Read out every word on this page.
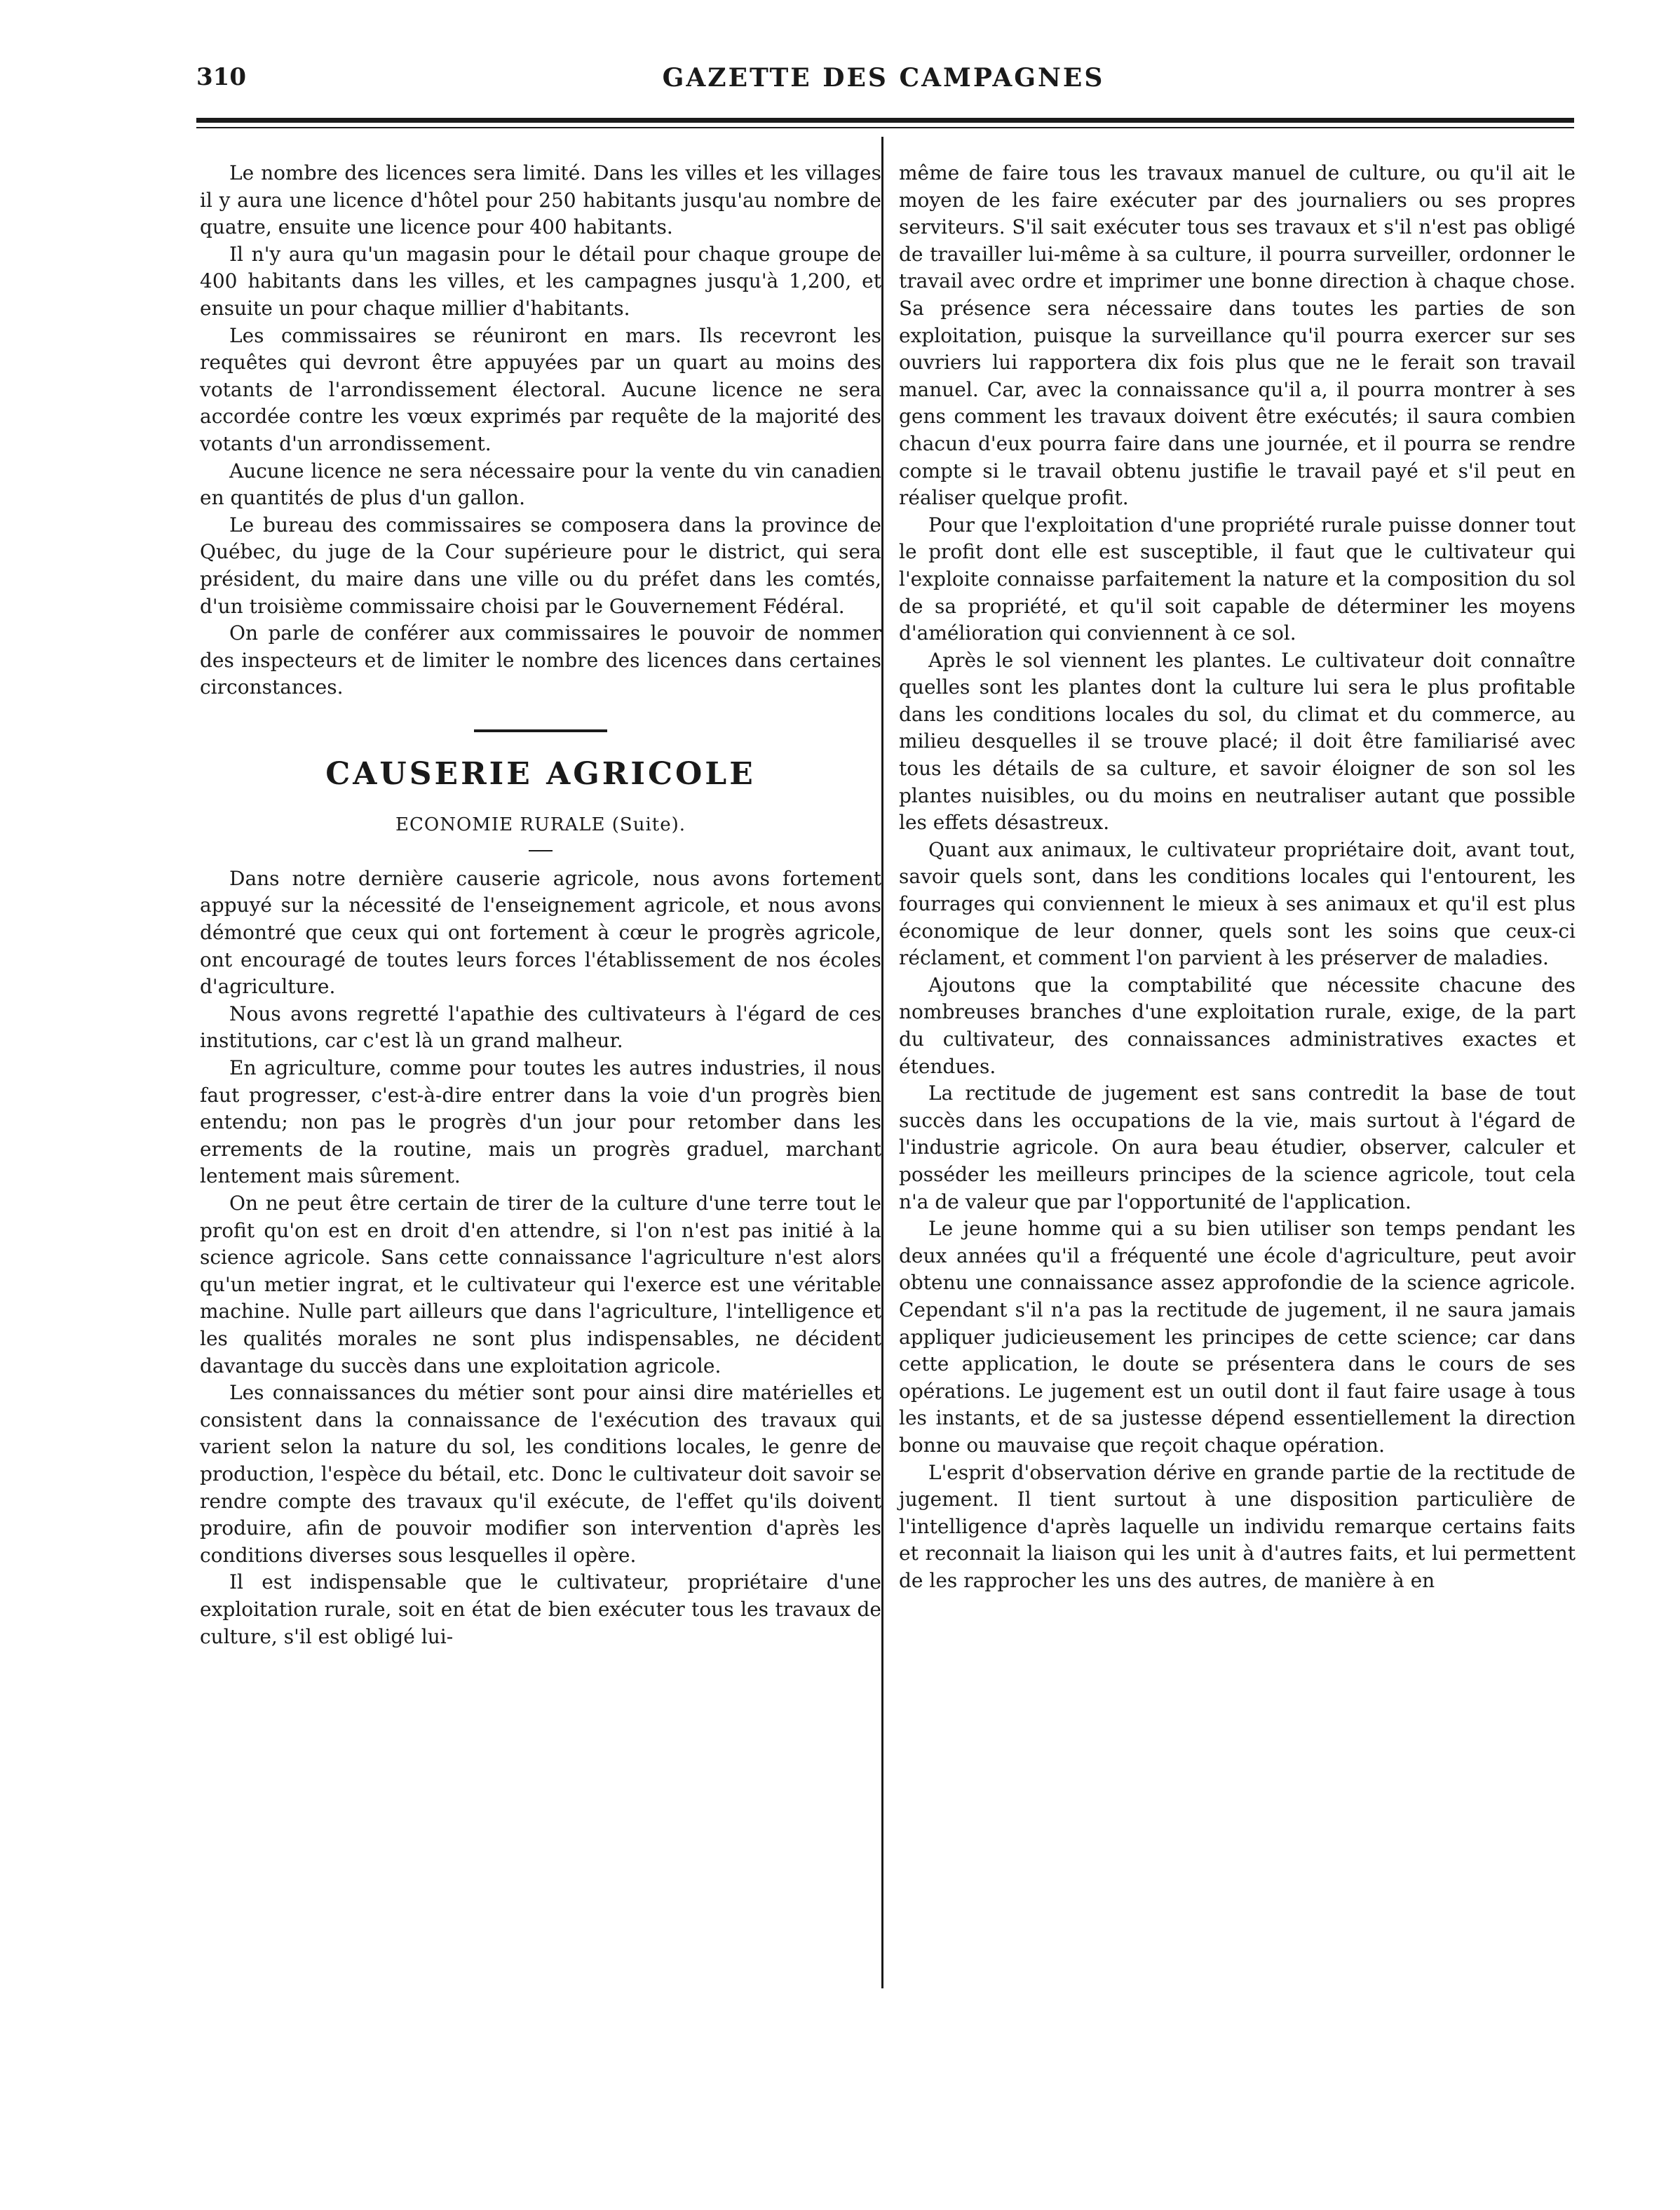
310	GAZETTE DES CAMPAGNES

Le nombre des licences sera limité. Dans les villes et les villages il y aura une licence d'hôtel pour 250 habitants jusqu'au nombre de quatre, ensuite une licence pour 400 habitants.

Il n'y aura qu'un magasin pour le détail pour chaque groupe de 400 habitants dans les villes, et les campagnes jusqu'à 1,200, et ensuite un pour chaque millier d'habitants.

Les commissaires se réuniront en mars. Ils recevront les requêtes qui devront être appuyées par un quart au moins des votants de l'arrondissement électoral. Aucune licence ne sera accordée contre les vœux exprimés par requête de la majorité des votants d'un arrondissement.

Aucune licence ne sera nécessaire pour la vente du vin canadien en quantités de plus d'un gallon.

Le bureau des commissaires se composera dans la province de Québec, du juge de la Cour supérieure pour le district, qui sera président, du maire dans une ville ou du préfet dans les comtés, d'un troisième commissaire choisi par le Gouvernement Fédéral.

On parle de conférer aux commissaires le pouvoir de nommer des inspecteurs et de limiter le nombre des licences dans certaines circonstances.

CAUSERIE AGRICOLE
ECONOMIE RURALE (Suite).

Dans notre dernière causerie agricole, nous avons fortement appuyé sur la nécessité de l'enseignement agricole, et nous avons démontré que ceux qui ont fortement à cœur le progrès agricole, ont encouragé de toutes leurs forces l'établissement de nos écoles d'agriculture.

Nous avons regretté l'apathie des cultivateurs à l'égard de ces institutions, car c'est là un grand malheur.

En agriculture, comme pour toutes les autres industries, il nous faut progresser, c'est-à-dire entrer dans la voie d'un progrès bien entendu; non pas le progrès d'un jour pour retomber dans les errements de la routine, mais un progrès graduel, marchant lentement mais sûrement.

On ne peut être certain de tirer de la culture d'une terre tout le profit qu'on est en droit d'en attendre, si l'on n'est pas initié à la science agricole. Sans cette connaissance l'agriculture n'est alors qu'un metier ingrat, et le cultivateur qui l'exerce est une véritable machine. Nulle part ailleurs que dans l'agriculture, l'intelligence et les qualités morales ne sont plus indispensables, ne décident davantage du succès dans une exploitation agricole.

Les connaissances du métier sont pour ainsi dire matérielles et consistent dans la connaissance de l'exécution des travaux qui varient selon la nature du sol, les conditions locales, le genre de production, l'espèce du bétail, etc. Donc le cultivateur doit savoir se rendre compte des travaux qu'il exécute, de l'effet qu'ils doivent produire, afin de pouvoir modifier son intervention d'après les conditions diverses sous lesquelles il opère.

Il est indispensable que le cultivateur, propriétaire d'une exploitation rurale, soit en état de bien exécuter tous les travaux de culture, s'il est obligé lui-

même de faire tous les travaux manuel de culture, ou qu'il ait le moyen de les faire exécuter par des journaliers ou ses propres serviteurs. S'il sait exécuter tous ses travaux et s'il n'est pas obligé de travailler lui-même à sa culture, il pourra surveiller, ordonner le travail avec ordre et imprimer une bonne direction à chaque chose. Sa présence sera nécessaire dans toutes les parties de son exploitation, puisque la surveillance qu'il pourra exercer sur ses ouvriers lui rapportera dix fois plus que ne le ferait son travail manuel. Car, avec la connaissance qu'il a, il pourra montrer à ses gens comment les travaux doivent être exécutés; il saura combien chacun d'eux pourra faire dans une journée, et il pourra se rendre compte si le travail obtenu justifie le travail payé et s'il peut en réaliser quelque profit.

Pour que l'exploitation d'une propriété rurale puisse donner tout le profit dont elle est susceptible, il faut que le cultivateur qui l'exploite connaisse parfaitement la nature et la composition du sol de sa propriété, et qu'il soit capable de déterminer les moyens d'amélioration qui conviennent à ce sol.

Après le sol viennent les plantes. Le cultivateur doit connaître quelles sont les plantes dont la culture lui sera le plus profitable dans les conditions locales du sol, du climat et du commerce, au milieu desquelles il se trouve placé; il doit être familiarisé avec tous les détails de sa culture, et savoir éloigner de son sol les plantes nuisibles, ou du moins en neutraliser autant que possible les effets désastreux.

Quant aux animaux, le cultivateur propriétaire doit, avant tout, savoir quels sont, dans les conditions locales qui l'entourent, les fourrages qui conviennent le mieux à ses animaux et qu'il est plus économique de leur donner, quels sont les soins que ceux-ci réclament, et comment l'on parvient à les préserver de maladies.

Ajoutons que la comptabilité que nécessite chacune des nombreuses branches d'une exploitation rurale, exige, de la part du cultivateur, des connaissances administratives exactes et étendues.

La rectitude de jugement est sans contredit la base de tout succès dans les occupations de la vie, mais surtout à l'égard de l'industrie agricole. On aura beau étudier, observer, calculer et posséder les meilleurs principes de la science agricole, tout cela n'a de valeur que par l'opportunité de l'application.

Le jeune homme qui a su bien utiliser son temps pendant les deux années qu'il a fréquenté une école d'agriculture, peut avoir obtenu une connaissance assez approfondie de la science agricole. Cependant s'il n'a pas la rectitude de jugement, il ne saura jamais appliquer judicieusement les principes de cette science; car dans cette application, le doute se présentera dans le cours de ses opérations. Le jugement est un outil dont il faut faire usage à tous les instants, et de sa justesse dépend essentiellement la direction bonne ou mauvaise que reçoit chaque opération.

L'esprit d'observation dérive en grande partie de la rectitude de jugement. Il tient surtout à une disposition particulière de l'intelligence d'après laquelle un individu remarque certains faits et reconnait la liaison qui les unit à d'autres faits, et lui permettent de les rapprocher les uns des autres, de manière à en
